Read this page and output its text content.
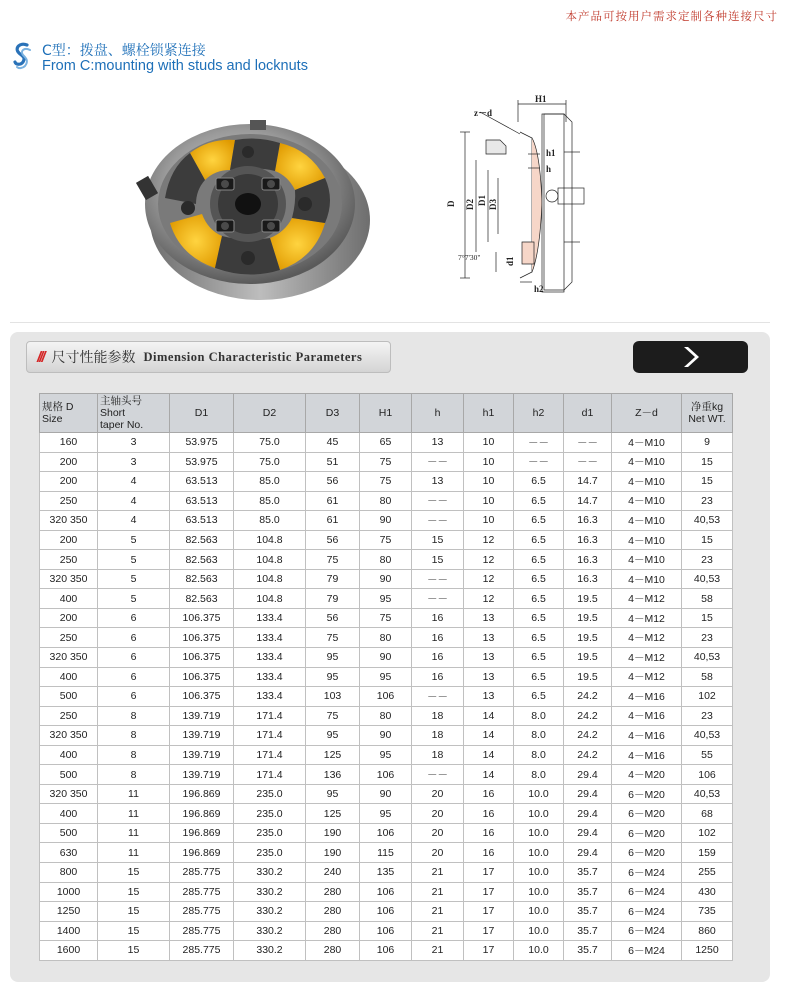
本产品可按用户需求定制各种连接尺寸
C型：拨盘、螺栓锁紧连接
From C:mounting with studs and locknuts
z－d
H1
h1
h
D D2 D1 D3
d1
h2
7°7'30"
/// 尺寸性能参数 Dimension Characteristic Parameters
规格 D
Size	主轴头号
Short
taper No.	D1	D2	D3	H1	h	h1	h2	d1	Z－d	净重kg
Net WT.

160	3	53.975	75.0	45	65	13	10	－－	－－	4－M10	9
200	3	53.975	75.0	51	75	－－	10	－－	－－	4－M10	15
200	4	63.513	85.0	56	75	13	10	6.5	14.7	4－M10	15
250	4	63.513	85.0	61	80	－－	10	6.5	14.7	4－M10	23
320 350	4	63.513	85.0	61	90	－－	10	6.5	16.3	4－M10	40,53
200	5	82.563	104.8	56	75	15	12	6.5	16.3	4－M10	15
250	5	82.563	104.8	75	80	15	12	6.5	16.3	4－M10	23
320 350	5	82.563	104.8	79	90	－－	12	6.5	16.3	4－M10	40,53
400	5	82.563	104.8	79	95	－－	12	6.5	19.5	4－M12	58
200	6	106.375	133.4	56	75	16	13	6.5	19.5	4－M12	15
250	6	106.375	133.4	75	80	16	13	6.5	19.5	4－M12	23
320 350	6	106.375	133.4	95	90	16	13	6.5	19.5	4－M12	40,53
400	6	106.375	133.4	95	95	16	13	6.5	19.5	4－M12	58
500	6	106.375	133.4	103	106	－－	13	6.5	24.2	4－M16	102
250	8	139.719	171.4	75	80	18	14	8.0	24.2	4－M16	23
320 350	8	139.719	171.4	95	90	18	14	8.0	24.2	4－M16	40,53
400	8	139.719	171.4	125	95	18	14	8.0	24.2	4－M16	55
500	8	139.719	171.4	136	106	－－	14	8.0	29.4	4－M20	106
320 350	11	196.869	235.0	95	90	20	16	10.0	29.4	6－M20	40,53
400	11	196.869	235.0	125	95	20	16	10.0	29.4	6－M20	68
500	11	196.869	235.0	190	106	20	16	10.0	29.4	6－M20	102
630	11	196.869	235.0	190	115	20	16	10.0	29.4	6－M20	159
800	15	285.775	330.2	240	135	21	17	10.0	35.7	6－M24	255
1000	15	285.775	330.2	280	106	21	17	10.0	35.7	6－M24	430
1250	15	285.775	330.2	280	106	21	17	10.0	35.7	6－M24	735
1400	15	285.775	330.2	280	106	21	17	10.0	35.7	6－M24	860
1600	15	285.775	330.2	280	106	21	17	10.0	35.7	6－M24	1250
